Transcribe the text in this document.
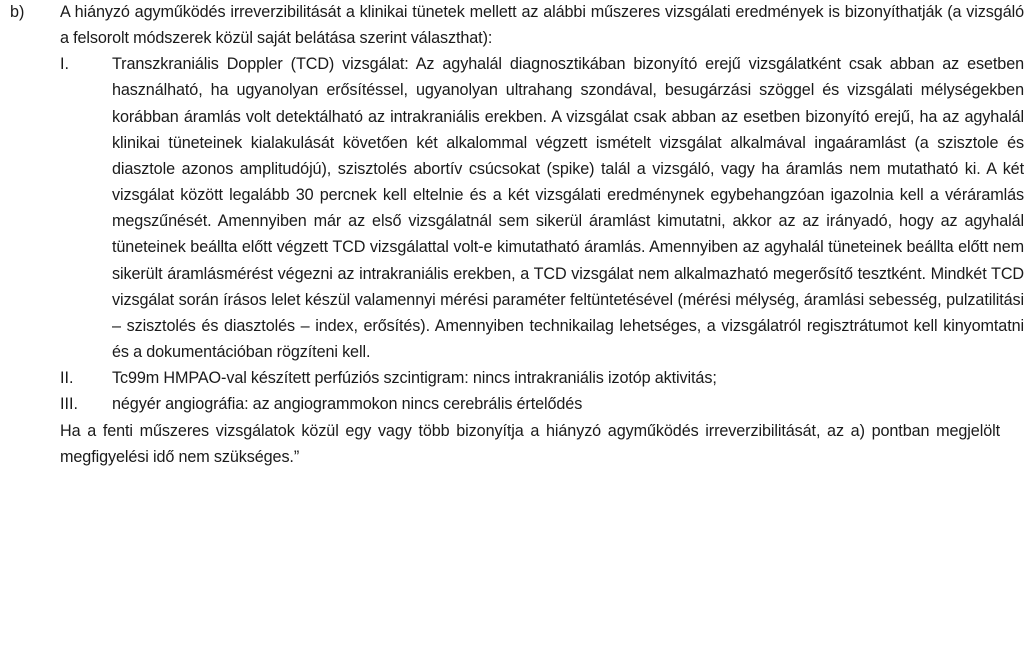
b)	A hiányzó agyműködés irreverzibilitását a klinikai tünetek mellett az alábbi műszeres vizsgálati eredmények is bizonyíthatják (a vizsgáló a felsorolt módszerek közül saját belátása szerint választhat):
I.	Transzkraniális Doppler (TCD) vizsgálat: Az agyhalál diagnosztikában bizonyító erejű vizsgálatként csak abban az esetben használható, ha ugyanolyan erősítéssel, ugyanolyan ultrahang szondával, besugárzási szöggel és vizsgálati mélységekben korábban áramlás volt detektálható az intrakraniális erekben. A vizsgálat csak abban az esetben bizonyító erejű, ha az agyhalál klinikai tüneteinek kialakulását követően két alkalommal végzett ismételt vizsgálat alkalmával ingaáramlást (a szisztole és diasztole azonos amplitudójú), szisztolés abortív csúcsokat (spike) talál a vizsgáló, vagy ha áramlás nem mutatható ki. A két vizsgálat között legalább 30 percnek kell eltelnie és a két vizsgálati eredménynek egybehangzóan igazolnia kell a véráramlás megszűnését. Amennyiben már az első vizsgálatnál sem sikerül áramlást kimutatni, akkor az az irányadó, hogy az agyhalál tüneteinek beállta előtt végzett TCD vizsgálattal volt-e kimutatható áramlás. Amennyiben az agyhalál tüneteinek beállta előtt nem sikerült áramlásmérést végezni az intrakraniális erekben, a TCD vizsgálat nem alkalmazható megerősítő tesztként. Mindkét TCD vizsgálat során írásos lelet készül valamennyi mérési paraméter feltüntetésével (mérési mélység, áramlási sebesség, pulzatilitási – szisztolés és diasztolés – index, erősítés). Amennyiben technikailag lehetséges, a vizsgálatról regisztrátumot kell kinyomtatni és a dokumentációban rögzíteni kell.
II.	Tc99m HMPAO-val készített perfúziós szcintigram: nincs intrakraniális izotóp aktivitás;
III.	négyér angiográfia: az angiogrammokon nincs cerebrális értelődés
Ha a fenti műszeres vizsgálatok közül egy vagy több bizonyítja a hiányzó agyműködés irreverzibilitását, az a) pontban megjelölt megfigyelési idő nem szükséges.”
